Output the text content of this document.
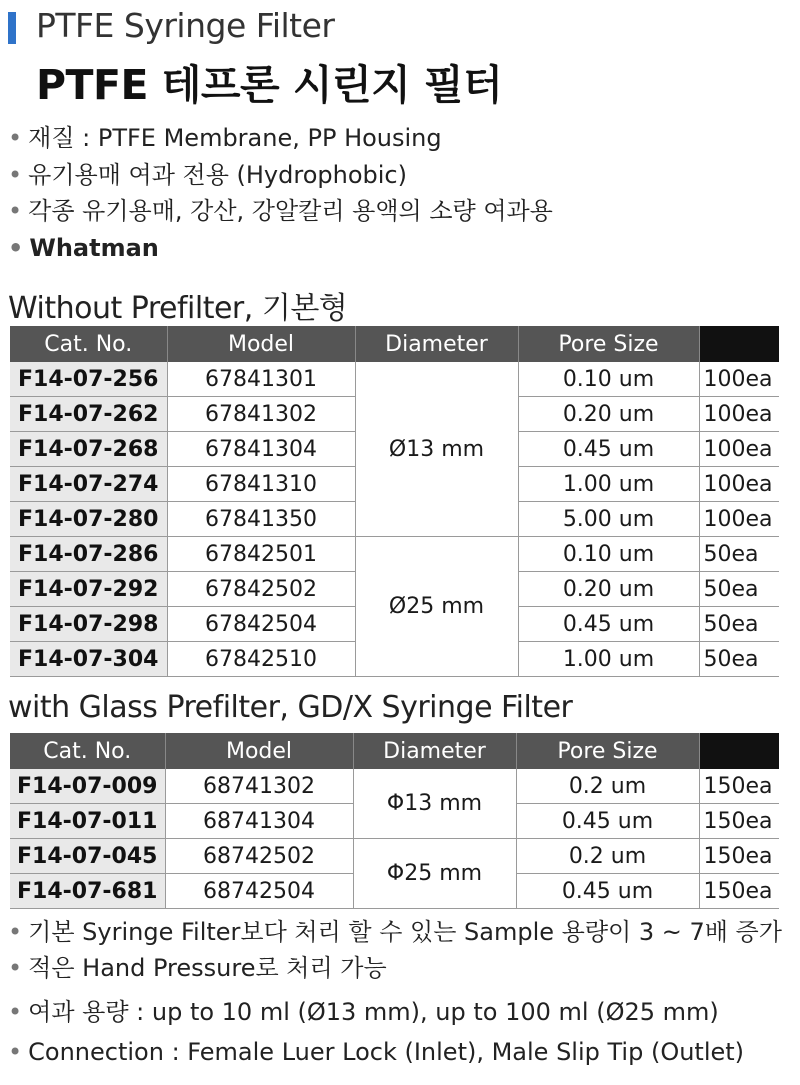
PTFE Syringe Filter
PTFE 테프론 시린지 필터
• 재질 : PTFE Membrane, PP Housing
• 유기용매 여과 전용 (Hydrophobic)
• 각종 유기용매, 강산, 강알칼리 용액의 소량 여과용
• Whatman
Without Prefilter, 기본형
Cat. No.	Model	Diameter	Pore Size	
F14-07-256	67841301	Ø13 mm	0.10 um	100ea
F14-07-262	67841302		0.20 um	100ea
F14-07-268	67841304		0.45 um	100ea
F14-07-274	67841310		1.00 um	100ea
F14-07-280	67841350		5.00 um	100ea
F14-07-286	67842501	Ø25 mm	0.10 um	50ea
F14-07-292	67842502		0.20 um	50ea
F14-07-298	67842504		0.45 um	50ea
F14-07-304	67842510		1.00 um	50ea
with Glass Prefilter, GD/X Syringe Filter
Cat. No.	Model	Diameter	Pore Size	
F14-07-009	68741302	Φ13 mm	0.2 um	150ea
F14-07-011	68741304		0.45 um	150ea
F14-07-045	68742502	Φ25 mm	0.2 um	150ea
F14-07-681	68742504		0.45 um	150ea
• 기본 Syringe Filter보다 처리 할 수 있는 Sample 용량이 3 ~ 7배 증가
• 적은 Hand Pressure로 처리 가능
• 여과 용량 : up to 10 ml (Ø13 mm), up to 100 ml (Ø25 mm)
• Connection : Female Luer Lock (Inlet), Male Slip Tip (Outlet)
